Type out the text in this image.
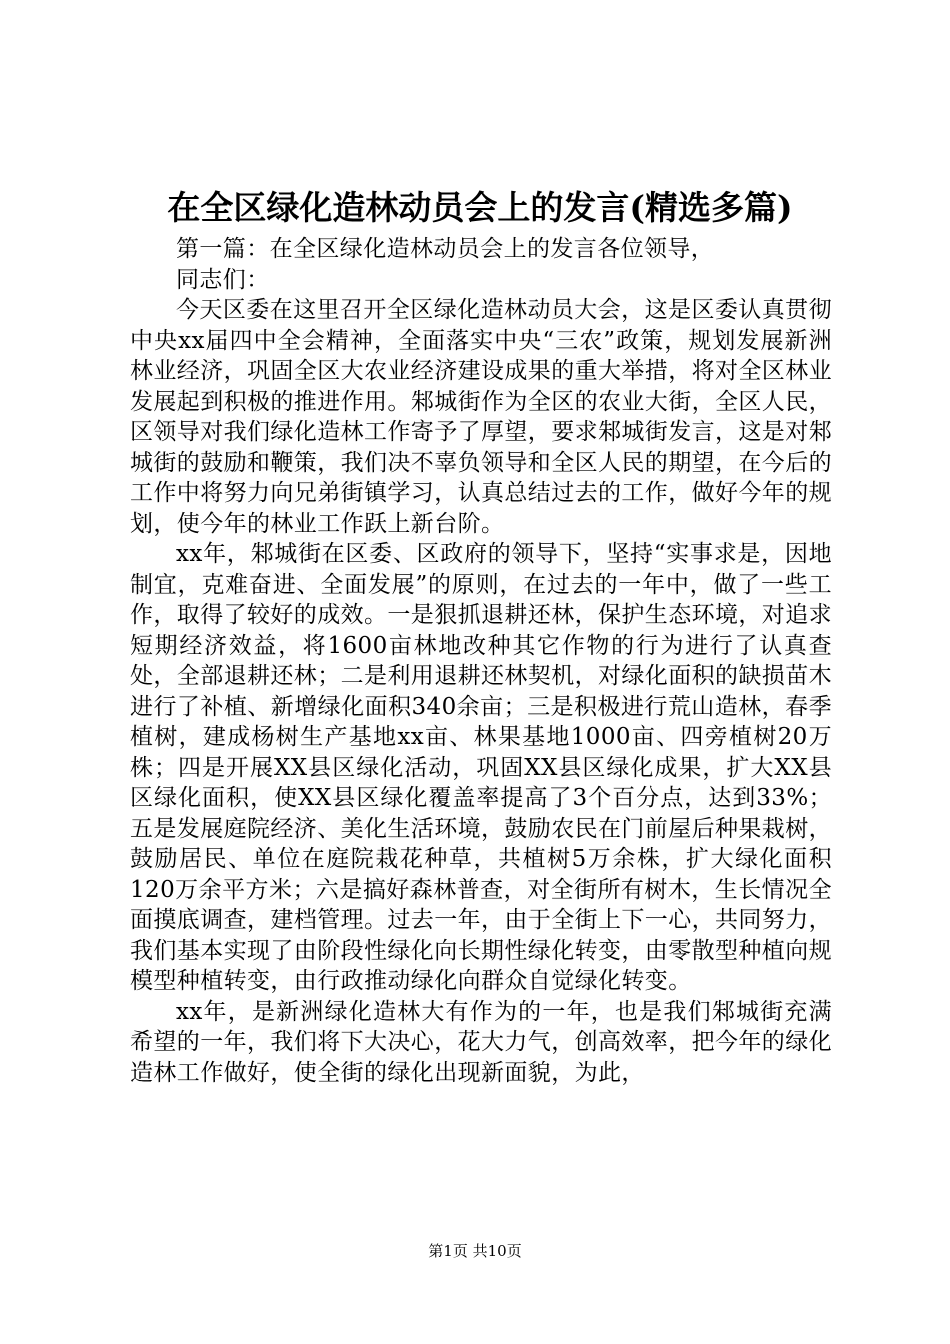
在全区绿化造林动员会上的发言(精选多篇)

第一篇：在全区绿化造林动员会上的发言各位领导，

同志们：

今天区委在这里召开全区绿化造林动员大会，这是区委认真贯彻中央xx届四中全会精神，全面落实中央“三农”政策，规划发展新洲林业经济，巩固全区大农业经济建设成果的重大举措，将对全区林业发展起到积极的推进作用。邾城街作为全区的农业大街，全区人民，区领导对我们绿化造林工作寄予了厚望，要求邾城街发言，这是对邾城街的鼓励和鞭策，我们决不辜负领导和全区人民的期望，在今后的工作中将努力向兄弟街镇学习，认真总结过去的工作，做好今年的规划，使今年的林业工作跃上新台阶。

xx年，邾城街在区委、区政府的领导下，坚持“实事求是，因地制宜，克难奋进、全面发展”的原则，在过去的一年中，做了一些工作，取得了较好的成效。一是狠抓退耕还林，保护生态环境，对追求短期经济效益，将1600亩林地改种其它作物的行为进行了认真查处，全部退耕还林；二是利用退耕还林契机，对绿化面积的缺损苗木进行了补植、新增绿化面积340余亩；三是积极进行荒山造林，春季植树，建成杨树生产基地xx亩、林果基地1000亩、四旁植树20万株；四是开展XX县区绿化活动，巩固XX县区绿化成果，扩大XX县区绿化面积，使XX县区绿化覆盖率提高了3个百分点，达到33%；五是发展庭院经济、美化生活环境，鼓励农民在门前屋后种果栽树，鼓励居民、单位在庭院栽花种草，共植树5万余株，扩大绿化面积120万余平方米；六是搞好森林普查，对全街所有树木，生长情况全面摸底调查，建档管理。过去一年，由于全街上下一心，共同努力，我们基本实现了由阶段性绿化向长期性绿化转变，由零散型种植向规模型种植转变，由行政推动绿化向群众自觉绿化转变。

xx年，是新洲绿化造林大有作为的一年，也是我们邾城街充满希望的一年，我们将下大决心，花大力气，创高效率，把今年的绿化造林工作做好，使全街的绿化出现新面貌，为此，

第1页 共10页
